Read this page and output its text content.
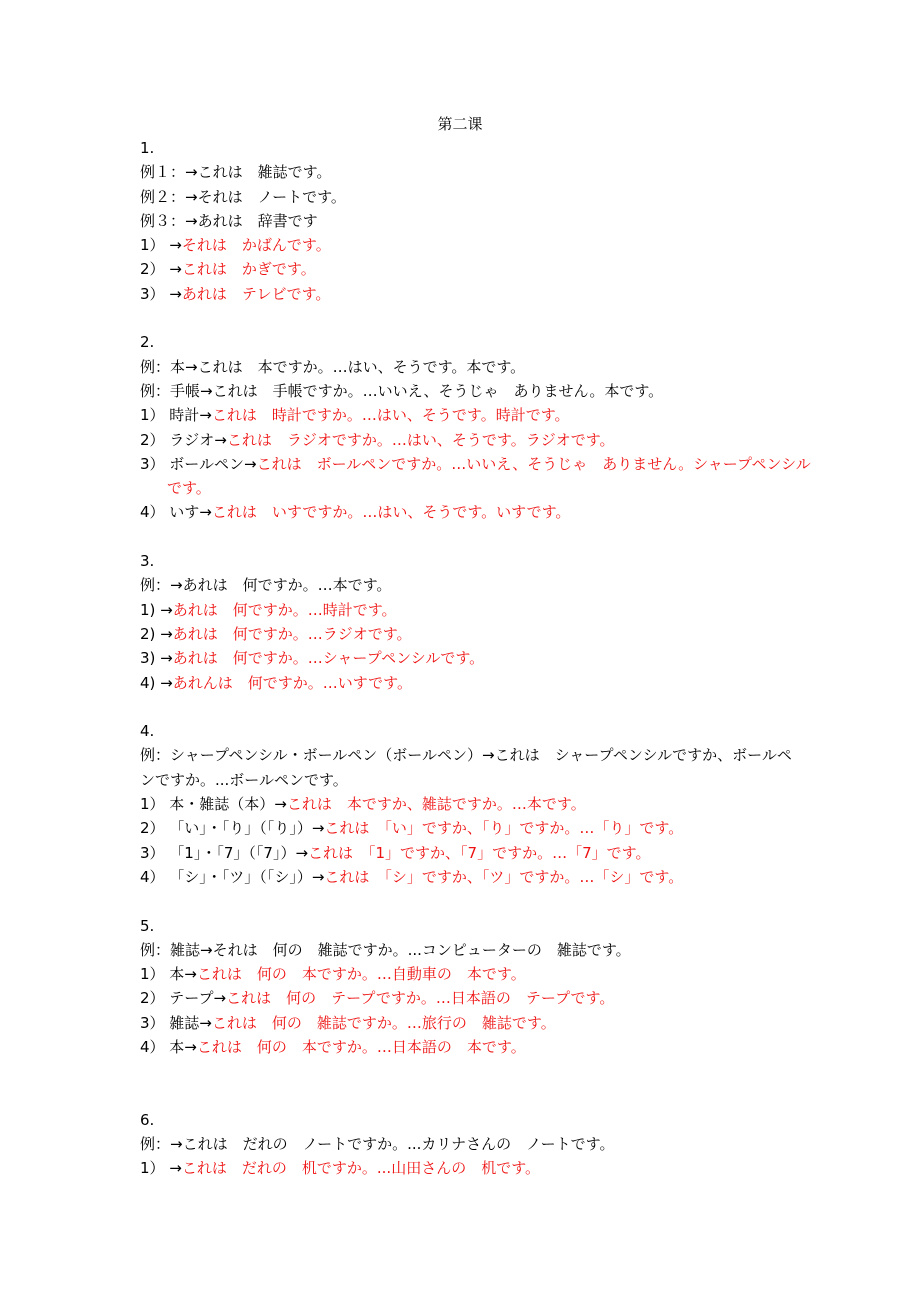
第二课
1.
例１：→これは　雑誌です。
例２：→それは　ノートです。
例３：→あれは　辞書です
1） →それは　かばんです。
2） →これは　かぎです。
3） →あれは　テレビです。
2.
例：本→これは　本ですか。…はい、そうです。本です。
例：手帳→これは　手帳ですか。…いいえ、そうじゃ　ありません。本です。
1） 時計→これは　時計ですか。…はい、そうです。時計です。
2） ラジオ→これは　ラジオですか。…はい、そうです。ラジオです。
3） ボールペン→これは　ボールペンですか。…いいえ、そうじゃ　ありません。シャープペンシルです。
4） いす→これは　いすですか。…はい、そうです。いすです。
3.
例：→あれは　何ですか。…本です。
1) →あれは　何ですか。…時計です。
2) →あれは　何ですか。…ラジオです。
3) →あれは　何ですか。…シャープペンシルです。
4) →あれんは　何ですか。…いすです。
4.
例：シャープペンシル・ボールペン（ボールペン）→これは　シャープペンシルですか、ボールペンですか。...ボールペンです。
1） 本・雑誌（本）→これは　本ですか、雑誌ですか。…本です。
2） 「い」・「り」（「り」）→これは　「い」ですか、「り」ですか。…「り」です。
3） 「1」・「7」（「7」）→これは　「1」ですか、「7」ですか。…「7」です。
4） 「シ」・「ツ」（「シ」）→これは　「シ」ですか、「ツ」ですか。…「シ」です。
5.
例：雑誌→それは　何の　雑誌ですか。...コンピューターの　雑誌です。
1） 本→これは　何の　本ですか。…自動車の　本です。
2） テープ→これは　何の　テープですか。…日本語の　テープです。
3） 雑誌→これは　何の　雑誌ですか。…旅行の　雑誌です。
4） 本→これは　何の　本ですか。…日本語の　本です。
6.
例：→これは　だれの　ノートですか。...カリナさんの　ノートです。
1） →これは　だれの　机ですか。...山田さんの　机です。
